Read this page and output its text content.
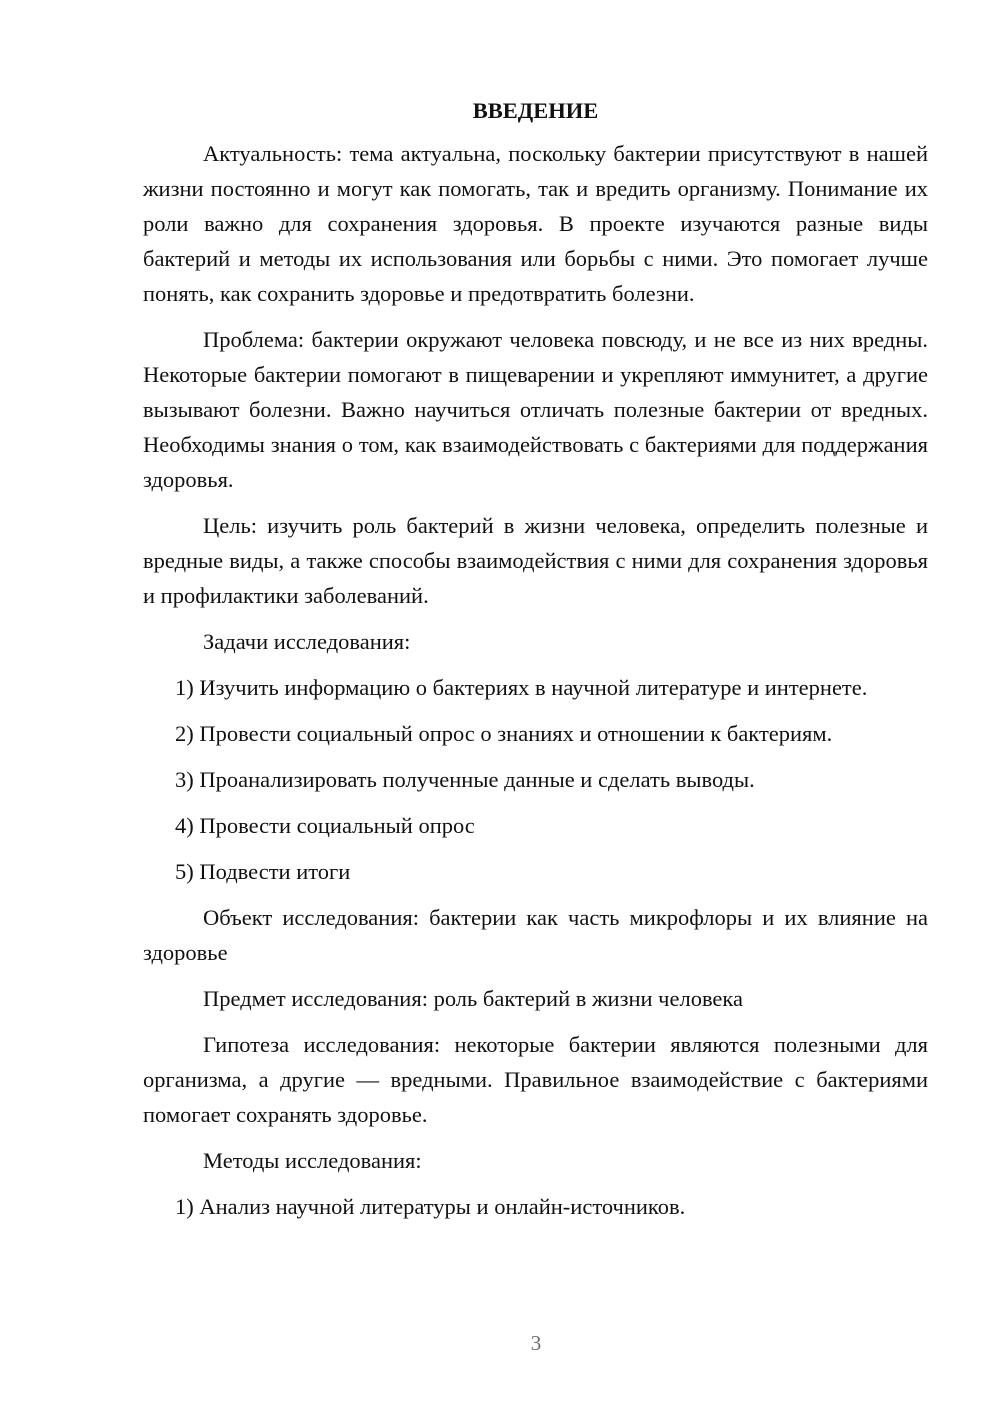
ВВЕДЕНИЕ

Актуальность: тема актуальна, поскольку бактерии присутствуют в нашей жизни постоянно и могут как помогать, так и вредить организму. Понимание их роли важно для сохранения здоровья. В проекте изучаются разные виды бактерий и методы их использования или борьбы с ними. Это помогает лучше понять, как сохранить здоровье и предотвратить болезни.

Проблема: бактерии окружают человека повсюду, и не все из них вредны. Некоторые бактерии помогают в пищеварении и укрепляют иммунитет, а другие вызывают болезни. Важно научиться отличать полезные бактерии от вредных. Необходимы знания о том, как взаимодействовать с бактериями для поддержания здоровья.

Цель: изучить роль бактерий в жизни человека, определить полезные и вредные виды, а также способы взаимодействия с ними для сохранения здоровья и профилактики заболеваний.

Задачи исследования:

1) Изучить информацию о бактериях в научной литературе и интернете.

2) Провести социальный опрос о знаниях и отношении к бактериям.

3) Проанализировать полученные данные и сделать выводы.

4) Провести социальный опрос

5) Подвести итоги

Объект исследования: бактерии как часть микрофлоры и их влияние на здоровье

Предмет исследования: роль бактерий в жизни человека

Гипотеза исследования: некоторые бактерии являются полезными для организма, а другие — вредными. Правильное взаимодействие с бактериями помогает сохранять здоровье.

Методы исследования:

1) Анализ научной литературы и онлайн-источников.

3
